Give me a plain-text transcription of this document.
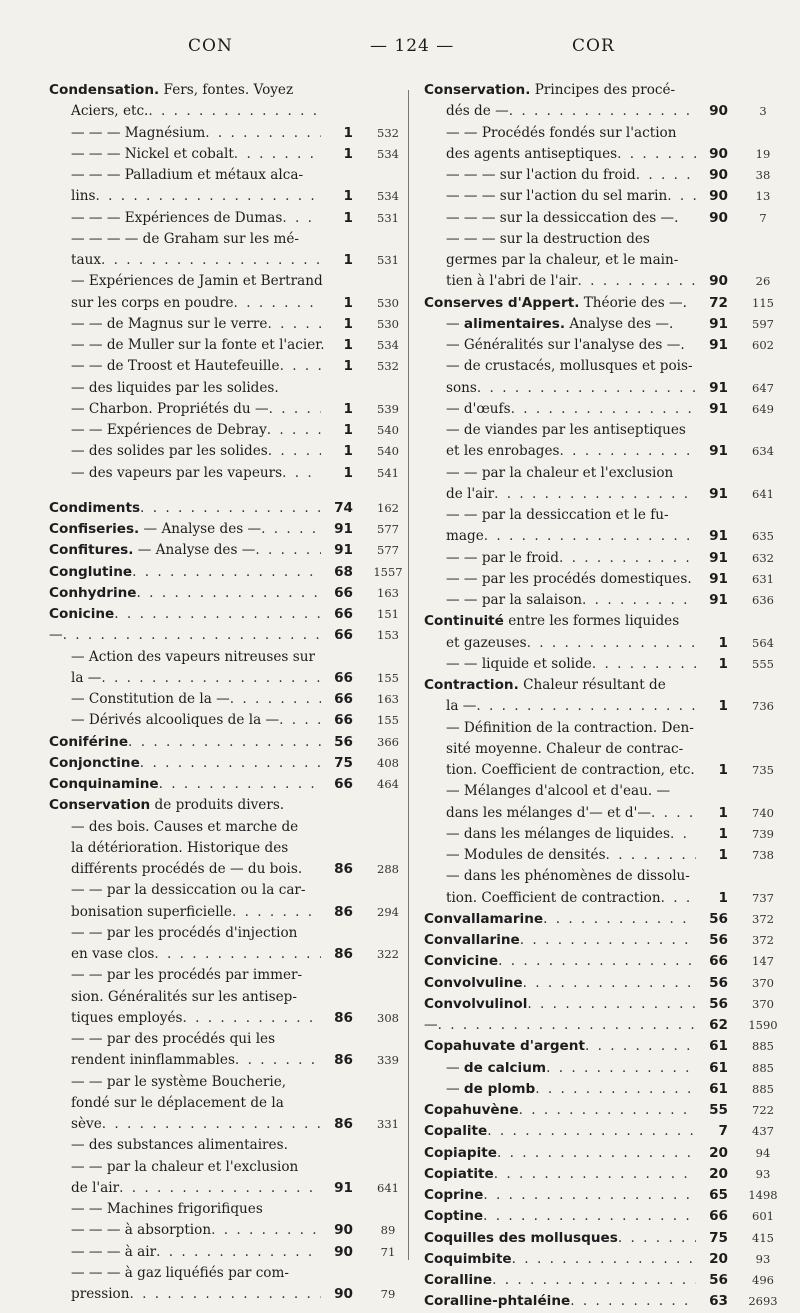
CON	— 124 —	COR
Condensation. Fers, fontes. Voyez
Aciers, etc.
. . .
— — — Magnésium . . .	1	532
— — — Nickel et cobalt . . .	1	534
— — — Palladium et métaux alca-
lins . . .	1	534
— — — Expériences de Dumas . . .	1	531
— — — — de Graham sur les mé-
taux . . .	1	531
— Expériences de Jamin et Bertrand
sur les corps en poudre . . .	1	530
— — de Magnus sur le verre . . .	1	530
— — de Muller sur la fonte et l'acier.	1	534
— — de Troost et Hautefeuille . . .	1	532
— des liquides par les solides.
— Charbon. Propriétés du — . . .	1	539
— — Expériences de Debray . . .	1	540
— des solides par les solides . . .	1	540
— des vapeurs par les vapeurs . . .	1	541
Condiments . . .	74	162
Confiseries. — Analyse des — . . .	91	577
Confitures. — Analyse des — . . .	91	577
Conglutine . . .	68	1557
Conhydrine . . .	66	163
Conicine . . .	66	151
— . . .	66	153
— Action des vapeurs nitreuses sur
la — . . .	66	155
— Constitution de la — . . .	66	163
— Dérivés alcooliques de la — . . .	66	155
Coniférine . . .	56	366
Conjonctine . . .	75	408
Conquinamine . . .	66	464
Conservation de produits divers.
— des bois. Causes et marche de
la détérioration. Historique des
différents procédés de — du bois.	86	288
— — par la dessiccation ou la car-
bonisation superficielle . . .	86	294
— — par les procédés d'injection
en vase clos . . .	86	322
— — par les procédés par immer-
sion. Généralités sur les antisep-
tiques employés . . .	86	308
— — par des procédés qui les
rendent ininflammables . . .	86	339
— — par le système Boucherie,
fondé sur le déplacement de la
sève . . .	86	331
— des substances alimentaires.
— — par la chaleur et l'exclusion
de l'air . . .	91	641
— — Machines frigorifiques
— — — à absorption . . .	90	89
— — — à air . . .	90	71
— — — à gaz liquéfiés par com-
pression . . .	90	79
Conservation. Principes des procé-
dés de — . . .	90	3
— — Procédés fondés sur l'action
des agents antiseptiques . . .	90	19
— — — sur l'action du froid . . .	90	38
— — — sur l'action du sel marin . . .	90	13
— — — sur la dessiccation des —.	90	7
— — — sur la destruction des
germes par la chaleur, et le main-
tien à l'abri de l'air . . .	90	26
Conserves d'Appert. Théorie des —.	72	115
— alimentaires. Analyse des —.	91	597
— Généralités sur l'analyse des —.	91	602
— de crustacés, mollusques et pois-
sons . . .	91	647
— d'œufs . . .	91	649
— de viandes par les antiseptiques
et les enrobages . . .	91	634
— — par la chaleur et l'exclusion
de l'air . . .	91	641
— — par la dessiccation et le fu-
mage . . .	91	635
— — par le froid . . .	91	632
— — par les procédés domestiques.	91	631
— — par la salaison . . .	91	636
Continuité entre les formes liquides
et gazeuses . . .	1	564
— — liquide et solide . . .	1	555
Contraction. Chaleur résultant de
la — . . .	1	736
— Définition de la contraction. Den-
sité moyenne. Chaleur de contrac-
tion. Coefficient de contraction, etc.	1	735
— Mélanges d'alcool et d'eau. —
dans les mélanges d'— et d'— . . .	1	740
— dans les mélanges de liquides . . .	1	739
— Modules de densités . . .	1	738
— dans les phénomènes de dissolu-
tion. Coefficient de contraction . . .	1	737
Convallamarine . . .	56	372
Convallarine . . .	56	372
Convicine . . .	66	147
Convolvuline . . .	56	370
Convolvulinol . . .	56	370
— . . .	62	1590
Copahuvate d'argent . . .	61	885
— de calcium . . .	61	885
— de plomb . . .	61	885
Copahuvène . . .	55	722
Copalite . . .	7	437
Copiapite . . .	20	94
Copiatite . . .	20	93
Coprine . . .	65	1498
Coptine . . .	66	601
Coquilles des mollusques . . .	75	415
Coquimbite . . .	20	93
Coralline . . .	56	496
Coralline-phtaléine . . .	63	2693
